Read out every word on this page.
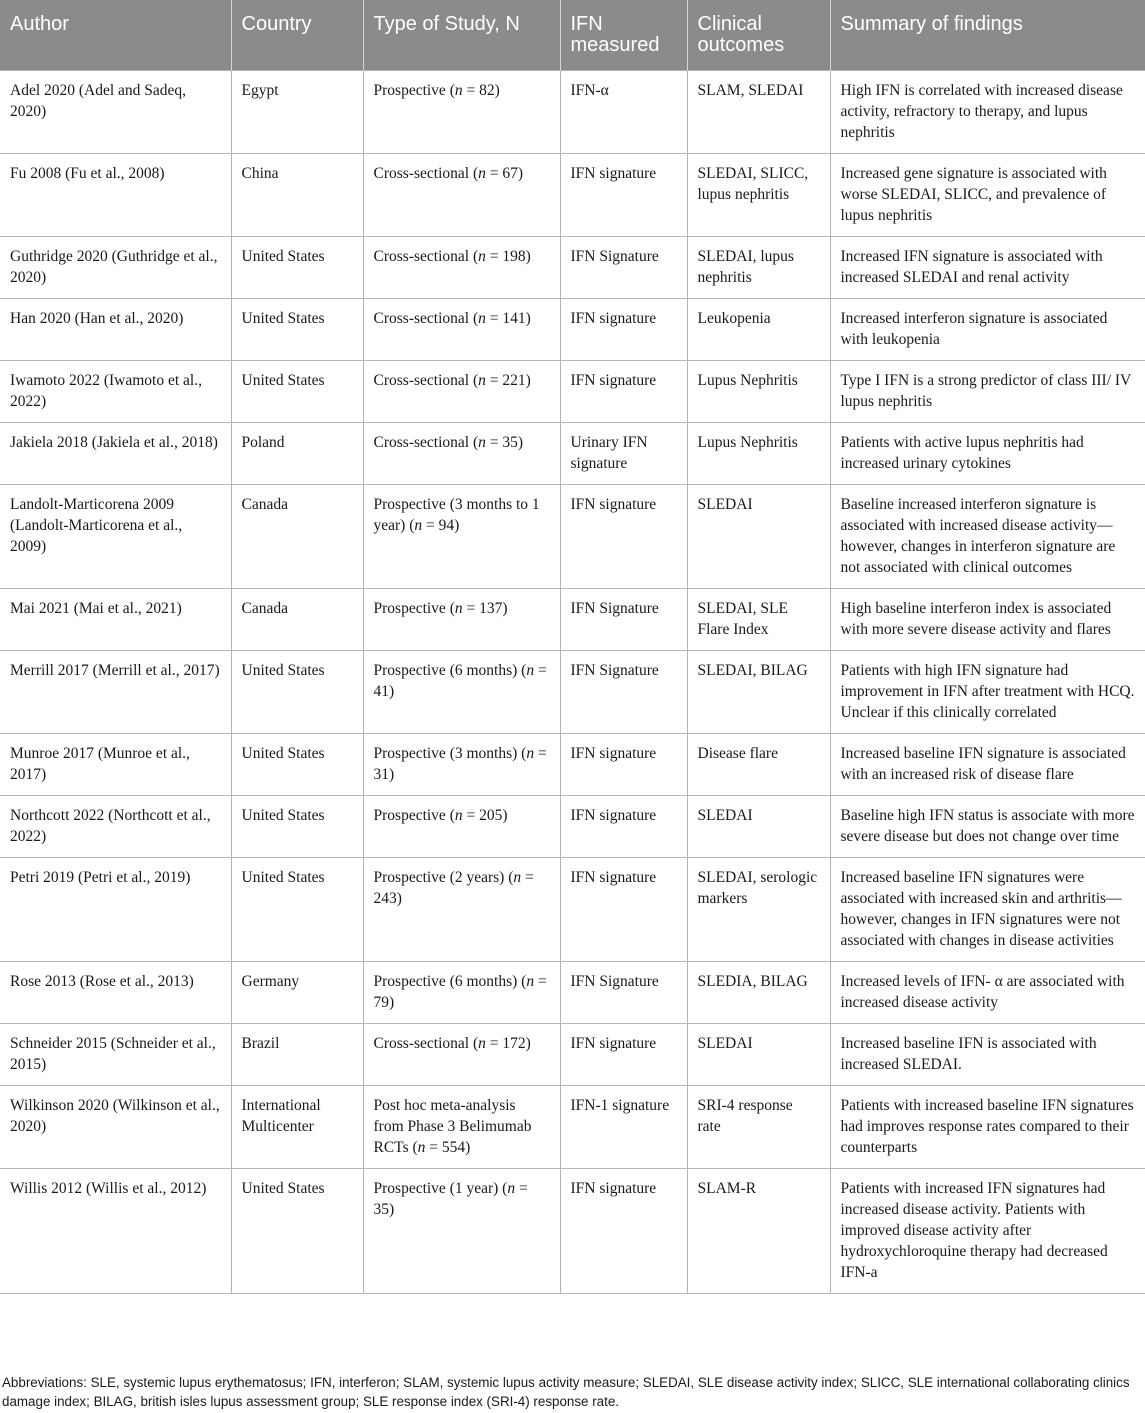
Author	Country	Type of Study, N	IFN measured	Clinical outcomes	Summary of findings
Adel 2020 (Adel and Sadeq, 2020)	Egypt	Prospective (n = 82)	IFN-α	SLAM, SLEDAI	High IFN is correlated with increased disease activity, refractory to therapy, and lupus nephritis
Fu 2008 (Fu et al., 2008)	China	Cross-sectional (n = 67)	IFN signature	SLEDAI, SLICC, lupus nephritis	Increased gene signature is associated with worse SLEDAI, SLICC, and prevalence of lupus nephritis
Guthridge 2020 (Guthridge et al., 2020)	United States	Cross-sectional (n = 198)	IFN Signature	SLEDAI, lupus nephritis	Increased IFN signature is associated with increased SLEDAI and renal activity
Han 2020 (Han et al., 2020)	United States	Cross-sectional (n = 141)	IFN signature	Leukopenia	Increased interferon signature is associated with leukopenia
Iwamoto 2022 (Iwamoto et al., 2022)	United States	Cross-sectional (n = 221)	IFN signature	Lupus Nephritis	Type I IFN is a strong predictor of class III/ IV lupus nephritis
Jakiela 2018 (Jakiela et al., 2018)	Poland	Cross-sectional (n = 35)	Urinary IFN signature	Lupus Nephritis	Patients with active lupus nephritis had increased urinary cytokines
Landolt-Marticorena 2009 (Landolt-Marticorena et al., 2009)	Canada	Prospective (3 months to 1 year) (n = 94)	IFN signature	SLEDAI	Baseline increased interferon signature is associated with increased disease activity—however, changes in interferon signature are not associated with clinical outcomes
Mai 2021 (Mai et al., 2021)	Canada	Prospective (n = 137)	IFN Signature	SLEDAI, SLE Flare Index	High baseline interferon index is associated with more severe disease activity and flares
Merrill 2017 (Merrill et al., 2017)	United States	Prospective (6 months) (n = 41)	IFN Signature	SLEDAI, BILAG	Patients with high IFN signature had improvement in IFN after treatment with HCQ. Unclear if this clinically correlated
Munroe 2017 (Munroe et al., 2017)	United States	Prospective (3 months) (n = 31)	IFN signature	Disease flare	Increased baseline IFN signature is associated with an increased risk of disease flare
Northcott 2022 (Northcott et al., 2022)	United States	Prospective (n = 205)	IFN signature	SLEDAI	Baseline high IFN status is associate with more severe disease but does not change over time
Petri 2019 (Petri et al., 2019)	United States	Prospective (2 years) (n = 243)	IFN signature	SLEDAI, serologic markers	Increased baseline IFN signatures were associated with increased skin and arthritis—however, changes in IFN signatures were not associated with changes in disease activities
Rose 2013 (Rose et al., 2013)	Germany	Prospective (6 months) (n = 79)	IFN Signature	SLEDIA, BILAG	Increased levels of IFN- α are associated with increased disease activity
Schneider 2015 (Schneider et al., 2015)	Brazil	Cross-sectional (n = 172)	IFN signature	SLEDAI	Increased baseline IFN is associated with increased SLEDAI.
Wilkinson 2020 (Wilkinson et al., 2020)	International Multicenter	Post hoc meta-analysis from Phase 3 Belimumab RCTs (n = 554)	IFN-1 signature	SRI-4 response rate	Patients with increased baseline IFN signatures had improves response rates compared to their counterparts
Willis 2012 (Willis et al., 2012)	United States	Prospective (1 year) (n = 35)	IFN signature	SLAM-R	Patients with increased IFN signatures had increased disease activity. Patients with improved disease activity after hydroxychloroquine therapy had decreased IFN-a
Abbreviations: SLE, systemic lupus erythematosus; IFN, interferon; SLAM, systemic lupus activity measure; SLEDAI, SLE disease activity index; SLICC, SLE international collaborating clinics damage index; BILAG, british isles lupus assessment group; SLE response index (SRI-4) response rate.
